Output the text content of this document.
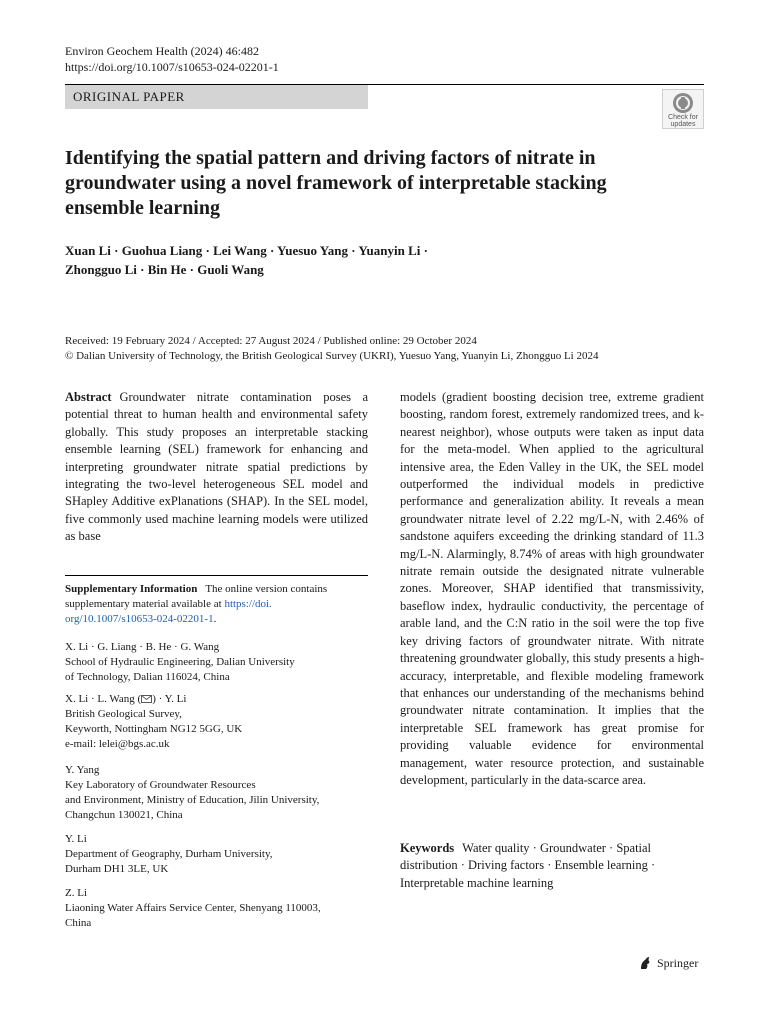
Environ Geochem Health (2024) 46:482
https://doi.org/10.1007/s10653-024-02201-1
ORIGINAL PAPER
Check for
updates
Identifying the spatial pattern and driving factors of nitrate in groundwater using a novel framework of interpretable stacking ensemble learning
Xuan Li · Guohua Liang · Lei Wang · Yuesuo Yang · Yuanyin Li ·
Zhongguo Li · Bin He · Guoli Wang
Received: 19 February 2024 / Accepted: 27 August 2024 / Published online: 29 October 2024
© Dalian University of Technology, the British Geological Survey (UKRI), Yuesuo Yang, Yuanyin Li, Zhongguo Li 2024
Abstract Groundwater nitrate contamination poses a potential threat to human health and environmental safety globally. This study proposes an interpretable stacking ensemble learning (SEL) framework for enhancing and interpreting groundwater nitrate spatial predictions by integrating the two-level heterogeneous SEL model and SHapley Additive exPlanations (SHAP). In the SEL model, five commonly used machine learning models were utilized as base
models (gradient boosting decision tree, extreme gradient boosting, random forest, extremely randomized trees, and k-nearest neighbor), whose outputs were taken as input data for the meta-model. When applied to the agricultural intensive area, the Eden Valley in the UK, the SEL model outperformed the individual models in predictive performance and generalization ability. It reveals a mean groundwater nitrate level of 2.22 mg/L-N, with 2.46% of sandstone aquifers exceeding the drinking standard of 11.3 mg/L-N. Alarmingly, 8.74% of areas with high groundwater nitrate remain outside the designated nitrate vulnerable zones. Moreover, SHAP identified that transmissivity, baseflow index, hydraulic conductivity, the percentage of arable land, and the C:N ratio in the soil were the top five key driving factors of groundwater nitrate. With nitrate threatening groundwater globally, this study presents a high-accuracy, interpretable, and flexible modeling framework that enhances our understanding of the mechanisms behind groundwater nitrate contamination. It implies that the interpretable SEL framework has great promise for providing valuable evidence for environmental management, water resource protection, and sustainable development, particularly in the data-scarce area.
Keywords Water quality · Groundwater · Spatial distribution · Driving factors · Ensemble learning · Interpretable machine learning
Supplementary Information The online version contains supplementary material available at https://doi.
org/10.1007/s10653-024-02201-1.
X. Li · G. Liang · B. He · G. Wang
School of Hydraulic Engineering, Dalian University
of Technology, Dalian 116024, China
X. Li · L. Wang ( ) · Y. Li
British Geological Survey,
Keyworth, Nottingham NG12 5GG, UK
e-mail: lelei@bgs.ac.uk
Y. Yang
Key Laboratory of Groundwater Resources
and Environment, Ministry of Education, Jilin University,
Changchun 130021, China
Y. Li
Department of Geography, Durham University,
Durham DH1 3LE, UK
Z. Li
Liaoning Water Affairs Service Center, Shenyang 110003,
China
Springer
